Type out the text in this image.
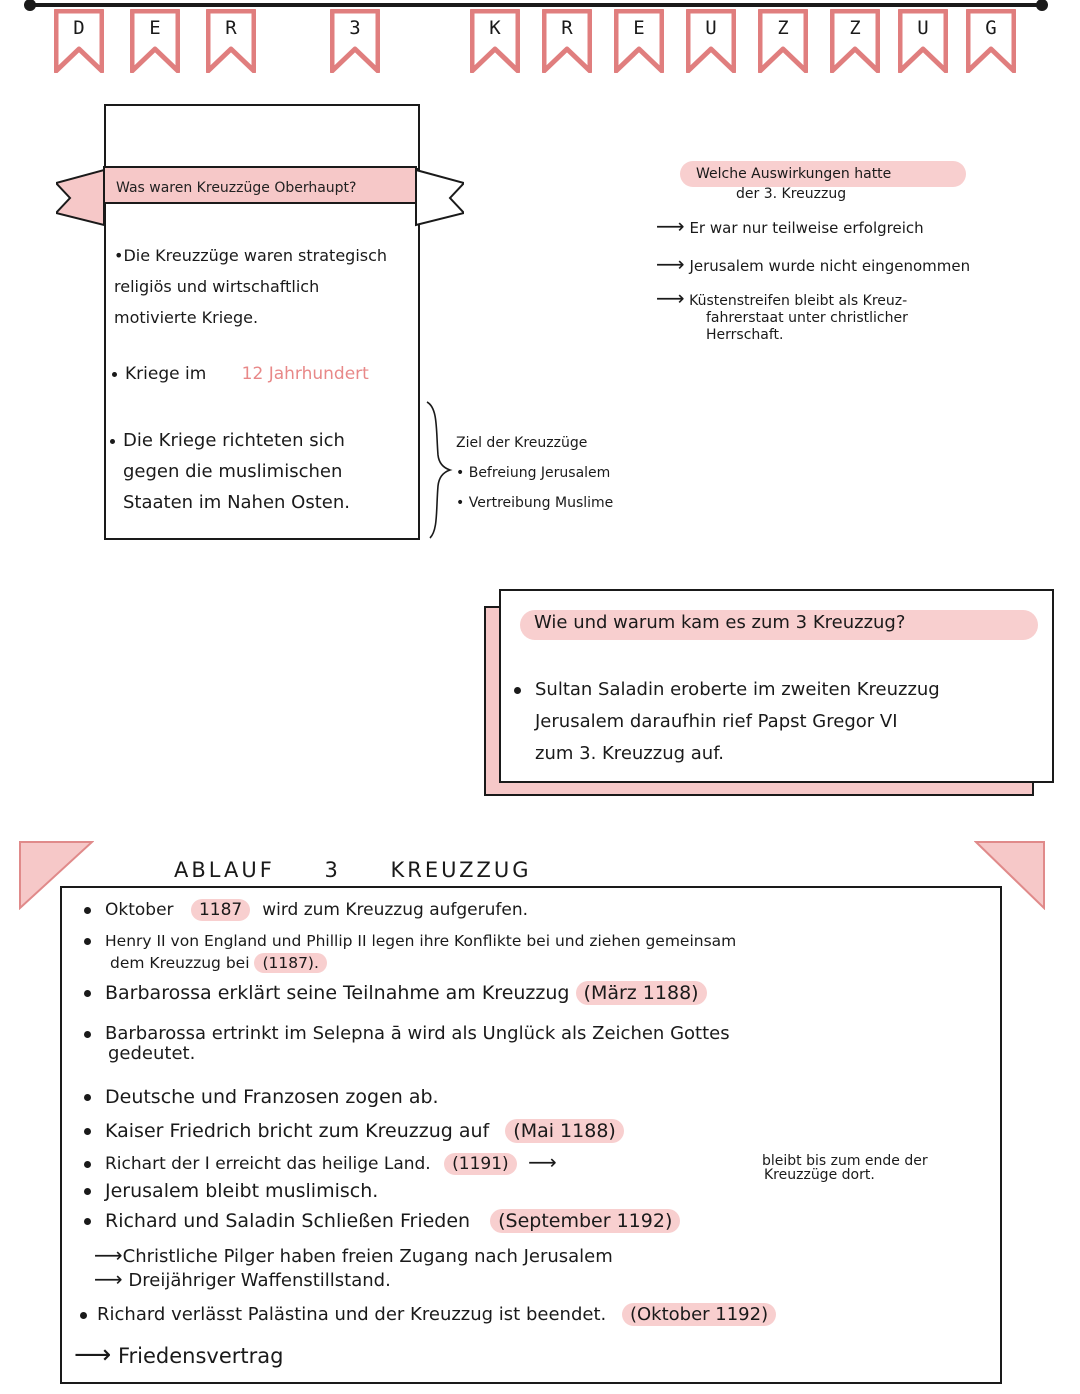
D	E	R	3	K	R	E	U	Z	Z	U	G
Was waren Kreuzzüge Oberhaupt?
•Die Kreuzzüge waren strategisch
religiös und wirtschaftlich
motivierte Kriege.
Kriege im 12 Jahrhundert
Die Kriege richteten sich
gegen die muslimischen
Staaten im Nahen Osten.
Ziel der Kreuzzüge
• Befreiung Jerusalem
• Vertreibung Muslime
Welche Auswirkungen hatte
der 3. Kreuzzug
⟶ Er war nur teilweise erfolgreich
⟶ Jerusalem wurde nicht eingenommen
⟶ Küstenstreifen bleibt als Kreuz-
fahrerstaat unter christlicher
Herrschaft.
Wie und warum kam es zum 3 Kreuzzug?
Sultan Saladin eroberte im zweiten Kreuzzug
Jerusalem daraufhin rief Papst Gregor VI
zum 3. Kreuzzug auf.
ABLAUF 3 KREUZZUG
Oktober 1187 wird zum Kreuzzug aufgerufen.
Henry II von England und Phillip II legen ihre Konflikte bei und ziehen gemeinsam
dem Kreuzzug bei (1187).
Barbarossa erklärt seine Teilnahme am Kreuzzug (März 1188)
Barbarossa ertrinkt im Selepna ā wird als Unglück als Zeichen Gottes
gedeutet.
Deutsche und Franzosen zogen ab.
Kaiser Friedrich bricht zum Kreuzzug auf (Mai 1188)
Richart der I erreicht das heilige Land. (1191) ⟶	bleibt bis zum ende der
Kreuzzüge dort.
Jerusalem bleibt muslimisch.
Richard und Saladin Schließen Frieden (September 1192)
⟶Christliche Pilger haben freien Zugang nach Jerusalem
⟶ Dreijähriger Waffenstillstand.
Richard verlässt Palästina und der Kreuzzug ist beendet. (Oktober 1192)
⟶ Friedensvertrag
